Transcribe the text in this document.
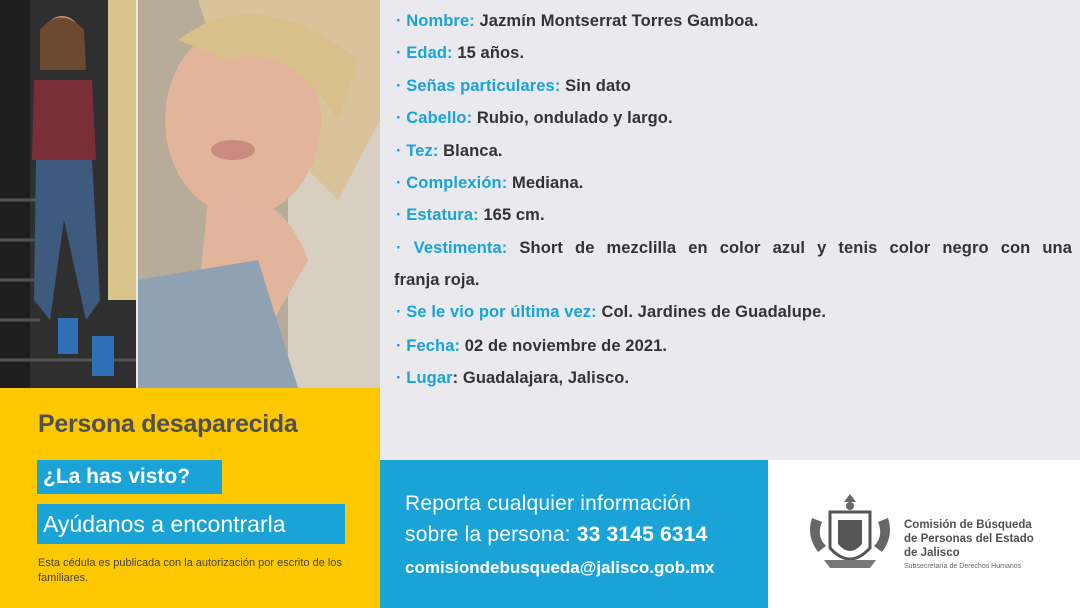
· Nombre: Jazmín Montserrat Torres Gamboa.
· Edad: 15 años.
· Señas particulares: Sin dato
· Cabello: Rubio, ondulado y largo.
· Tez: Blanca.
· Complexión: Mediana.
· Estatura: 165 cm.
· Vestimenta: Short de mezclilla en color azul y tenis color negro con una
franja roja.
· Se le vio por última vez: Col. Jardines de Guadalupe.
· Fecha: 02 de noviembre de 2021.
· Lugar: Guadalajara, Jalisco.
Persona desaparecida
¿La has visto?
Ayúdanos a encontrarla
Esta cédula es publicada con la autorización por escrito de los familiares.
Reporta cualquier información
sobre la persona: 33 3145 6314
comisiondebusqueda@jalisco.gob.mx
Comisión de Búsqueda
de Personas del Estado
de Jalisco
Subsecretaría de Derechos Humanos
